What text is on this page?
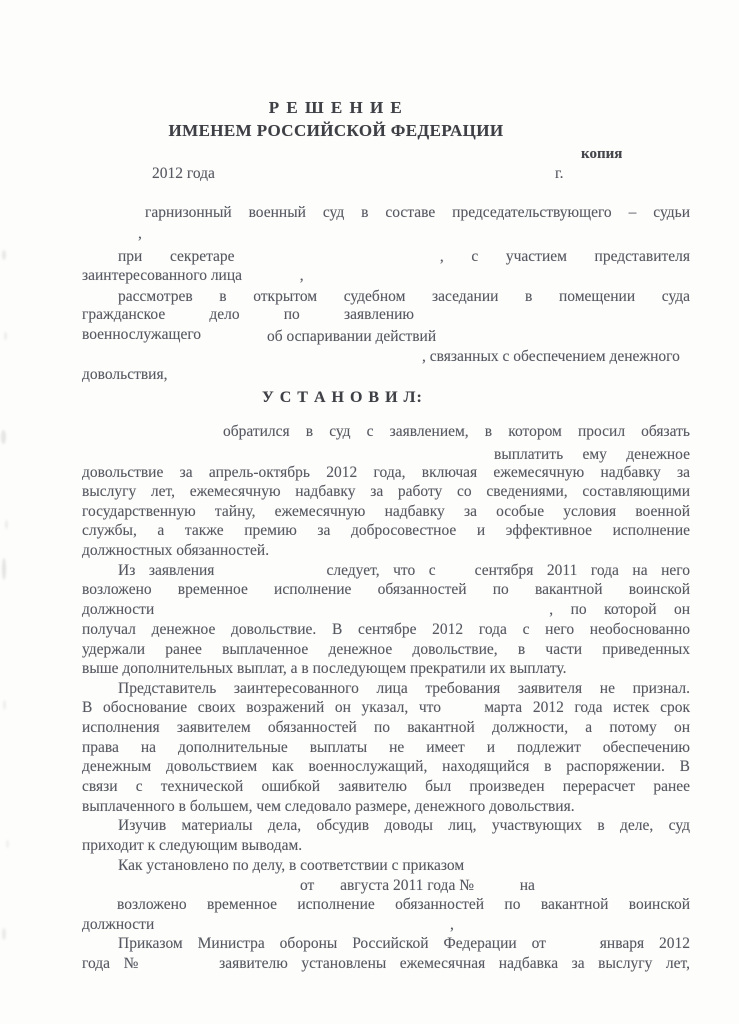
Р Е Ш Е Н И Е
ИМЕНЕМ РОССИЙСКОЙ ФЕДЕРАЦИИ
копия
2012 года	г.
У С Т А Н О В И Л:
гарнизонный военный суд в составе председательствующего – судьи
,
при секретаре	, с участием представителя
заинтересованного лица	,
рассмотрев в открытом судебном заседании в помещении суда
гражданское дело по заявлению военнослужащего	об оспаривании действий
, связанных с обеспечением денежного
довольствия,
обратился в суд с заявлением, в котором просил обязать
выплатить ему денежное
довольствие за апрель-октябрь 2012 года, включая ежемесячную надбавку за
выслугу лет, ежемесячную надбавку за работу со сведениями, составляющими
государственную тайну, ежемесячную надбавку за особые условия военной
службы, а также премию за добросовестное и эффективное исполнение
должностных обязанностей.
Из заявления	следует, что с	сентября 2011 года на него
возложено временное исполнение обязанностей по вакантной воинской
должности	, по которой он
получал денежное довольствие. В сентябре 2012 года с него необоснованно
удержали ранее выплаченное денежное довольствие, в части приведенных
выше дополнительных выплат, а в последующем прекратили их выплату.
Представитель заинтересованного лица требования заявителя не признал.
В обоснование своих возражений он указал, что	марта 2012 года истек срок
исполнения заявителем обязанностей по вакантной должности, а потому он
права на дополнительные выплаты не имеет и подлежит обеспечению
денежным довольствием как военнослужащий, находящийся в распоряжении. В
связи с технической ошибкой заявителю был произведен перерасчет ранее
выплаченного в большем, чем следовало размере, денежного довольствия.
Изучив материалы дела, обсудив доводы лиц, участвующих в деле, суд
приходит к следующим выводам.
Как установлено по делу, в соответствии с приказом
от августа 2011 года №	на
возложено временное исполнение обязанностей по вакантной воинской
должности	,
Приказом Министра обороны Российской Федерации от	января 2012
года №	заявителю установлены ежемесячная надбавка за выслугу лет,
